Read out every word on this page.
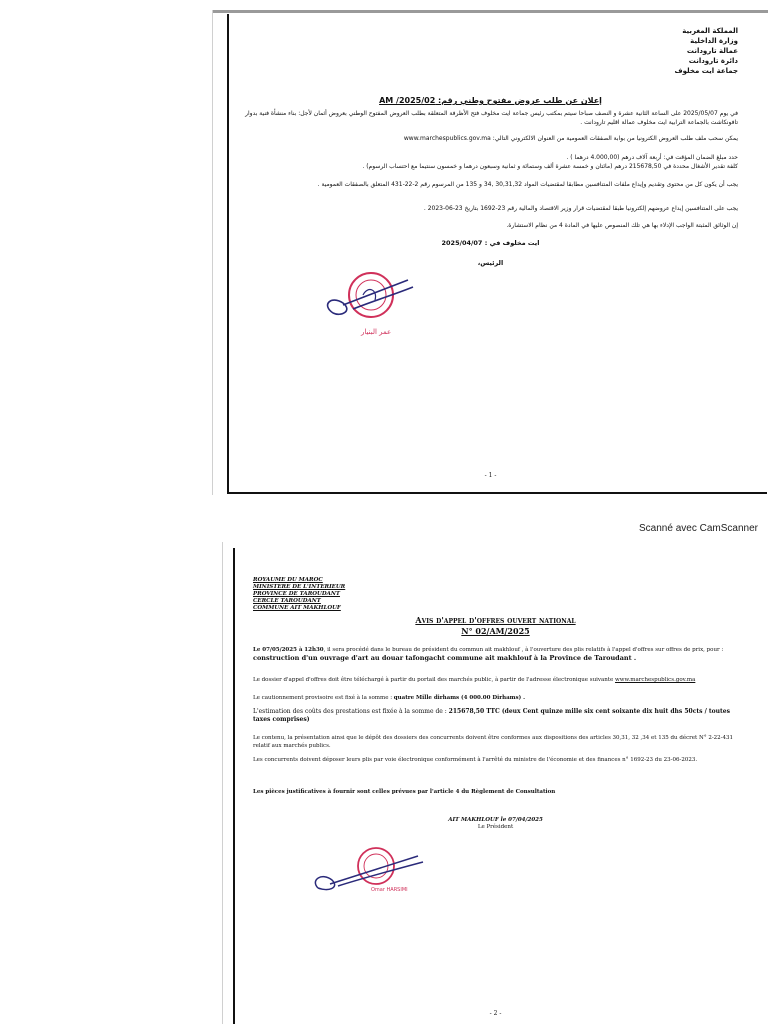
المملكة المغربية
وزارة الداخلية
عمالة تارودانت
دائرة تارودانت
جماعة ايت مخلوف
إعلان عن طلب عروض مفتوح وطني رقم: 02/AM /2025
في يوم 2025/05/07 على الساعة الثانية عشرة و النصف صباحا سيتم بمكتب رئيس جماعة ايت مخلوف فتح الأظرفة المتعلقة بطلب العروض المفتوح الوطني بعروض أثمان لأجل: بناء منشأة فنية بدوار تافونكاشت بالجماعة الترابية ايت مخلوف عمالة اقليم تارودانت .
يمكن سحب ملف طلب العروض الكترونيا من بوابة الصفقات العمومية من العنوان الالكتروني التالي: www.marchespublics.gov.ma
حدد مبلغ الضمان المؤقت في: أربعة آلاف درهم (4.000,00 درهما ) .
كلفة تقدير الأشغال محددة في 215678,50 درهم (مائتان و خمسة عشرة ألف وستمائة و ثمانية وسبعون درهما و خمسون سنتيما مع احتساب الرسوم) .
يجب أن يكون كل من محتوى وتقديم وإيداع ملفات المتنافسين مطابقا لمقتضيات المواد 30,31,32 ,34 و 135 من المرسوم رقم 2-22-431 المتعلق بالصفقات العمومية .
يجب على المتنافسين إيداع عروضهم إلكترونيا طبقا لمقتضيات قرار وزير الاقتصاد والمالية رقم 23-1692 بتاريخ 23-06-2023 .
إن الوثائق المثبتة الواجب الإدلاء بها هي تلك المنصوص عليها في المادة 4 من نظام الاستشارة.
ايت مخلوف في : 2025/04/07
الرئيس،
عمر البنيار
- 1 -
Scanné avec CamScanner
ROYAUME DU MAROC
MINISTERE DE L'INTERIEUR
PROVINCE DE TAROUDANT
CERCLE TAROUDANT
COMMUNE AIT MAKHLOUF
Avis d'appel d'offres ouvert national
N° 02/AM/2025
Le 07/05/2025 à 12h30, il sera procédé dans le bureau de président du commun ait makhlouf , à l'ouverture des plis relatifs à l'appel d'offres sur offres de prix, pour : construction d'un ouvrage d'art au douar tafongacht commune ait makhlouf à la Province de Taroudant .
Le dossier d'appel d'offres doit être téléchargé à partir du portail des marchés public, à partir de l'adresse électronique suivante www.marchespublics.gov.ma
Le cautionnement provisoire est fixé à la somme : quatre Mille dirhams (4 000.00 Dirhams) .
L'estimation des coûts des prestations est fixée à la somme de : 215678,50 TTC (deux Cent quinze mille six cent soixante dix huit dhs 50cts / toutes taxes comprises)
Le contenu, la présentation ainsi que le dépôt des dossiers des concurrents doivent être conformes aux dispositions des articles 30,31, 32 ,34 et 135 du décret N° 2-22-431 relatif aux marchés publics.
Les concurrents doivent déposer leurs plis par voie électronique conformément à l'arrêté du ministre de l'économie et des finances n° 1692-23 du 23-06-2023.
Les pièces justificatives à fournir sont celles prévues par l'article 4 du Règlement de Consultation
AIT MAKHLOUF le 07/04/2025
Le Président
Omar HARSIMI
- 2 -
